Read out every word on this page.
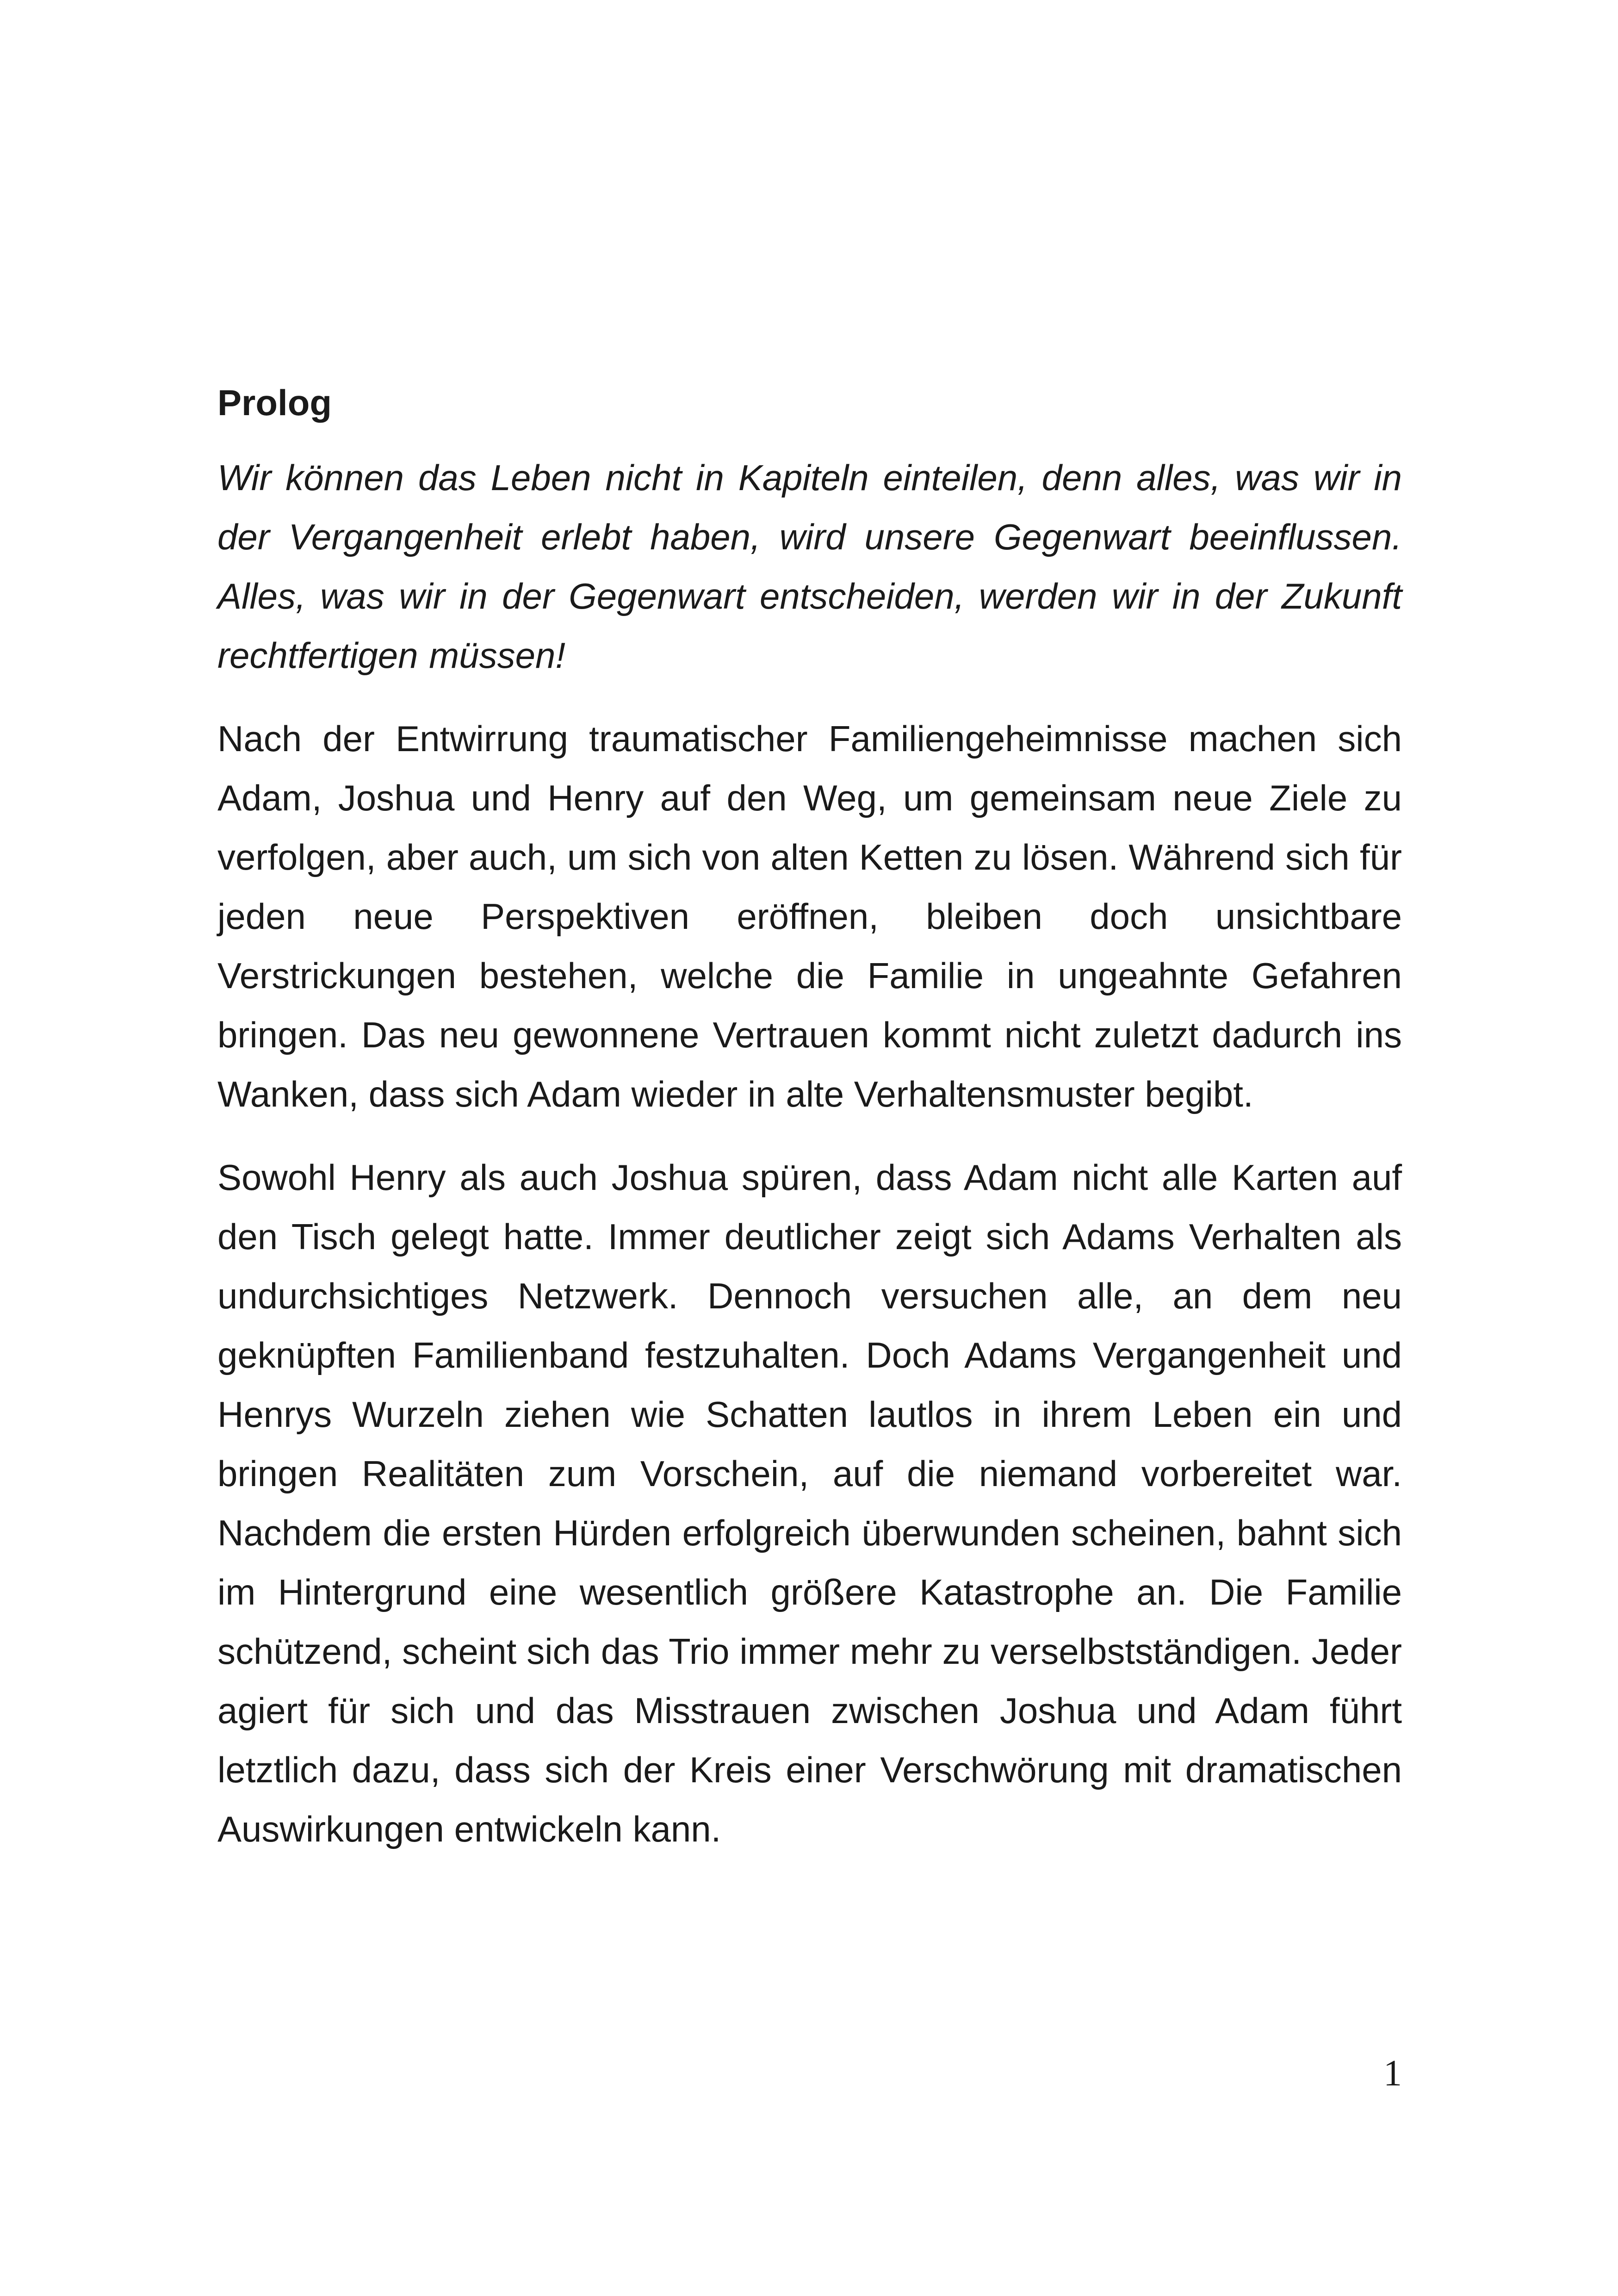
Prolog

Wir können das Leben nicht in Kapiteln einteilen, denn alles, was wir in der Vergangenheit erlebt haben, wird unsere Gegenwart beeinflussen. Alles, was wir in der Gegenwart entscheiden, werden wir in der Zukunft rechtfertigen müssen!

Nach der Entwirrung traumatischer Familiengeheimnisse machen sich Adam, Joshua und Henry auf den Weg, um gemeinsam neue Ziele zu verfolgen, aber auch, um sich von alten Ketten zu lösen. Während sich für jeden neue Perspektiven eröffnen, bleiben doch unsichtbare Verstrickungen bestehen, welche die Familie in ungeahnte Gefahren bringen. Das neu gewonnene Vertrauen kommt nicht zuletzt dadurch ins Wanken, dass sich Adam wieder in alte Verhaltensmuster begibt.

Sowohl Henry als auch Joshua spüren, dass Adam nicht alle Karten auf den Tisch gelegt hatte. Immer deutlicher zeigt sich Adams Verhalten als undurchsichtiges Netzwerk. Dennoch versuchen alle, an dem neu geknüpften Familienband festzuhalten. Doch Adams Vergangenheit und Henrys Wurzeln ziehen wie Schatten lautlos in ihrem Leben ein und bringen Realitäten zum Vorschein, auf die niemand vorbereitet war. Nachdem die ersten Hürden erfolgreich überwunden scheinen, bahnt sich im Hintergrund eine wesentlich größere Katastrophe an. Die Familie schützend, scheint sich das Trio immer mehr zu verselbstständigen. Jeder agiert für sich und das Misstrauen zwischen Joshua und Adam führt letztlich dazu, dass sich der Kreis einer Verschwörung mit dramatischen Auswirkungen entwickeln kann.

1
